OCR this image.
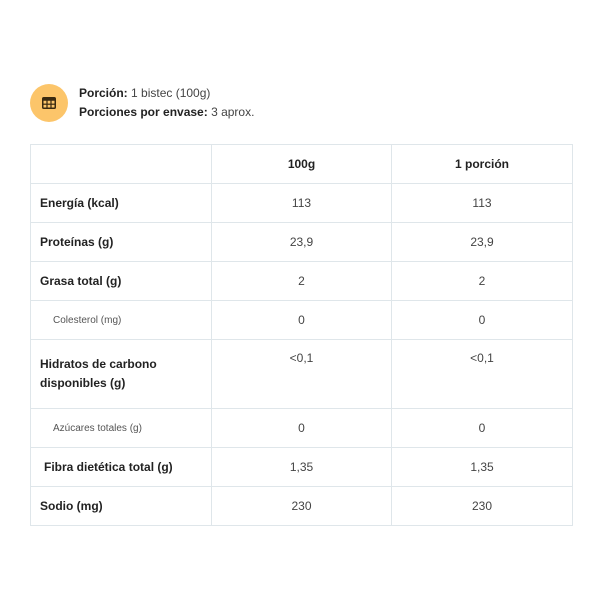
Porción: 1 bistec (100g)
Porciones por envase: 3 aprox.
	100g	1 porción
Energía (kcal)	113	113
Proteínas (g)	23,9	23,9
Grasa total (g)	2	2
Colesterol (mg)	0	0
Hidratos de carbono disponibles (g)	<0,1	<0,1
Azúcares totales (g)	0	0
Fibra dietética total (g)	1,35	1,35
Sodio (mg)	230	230
